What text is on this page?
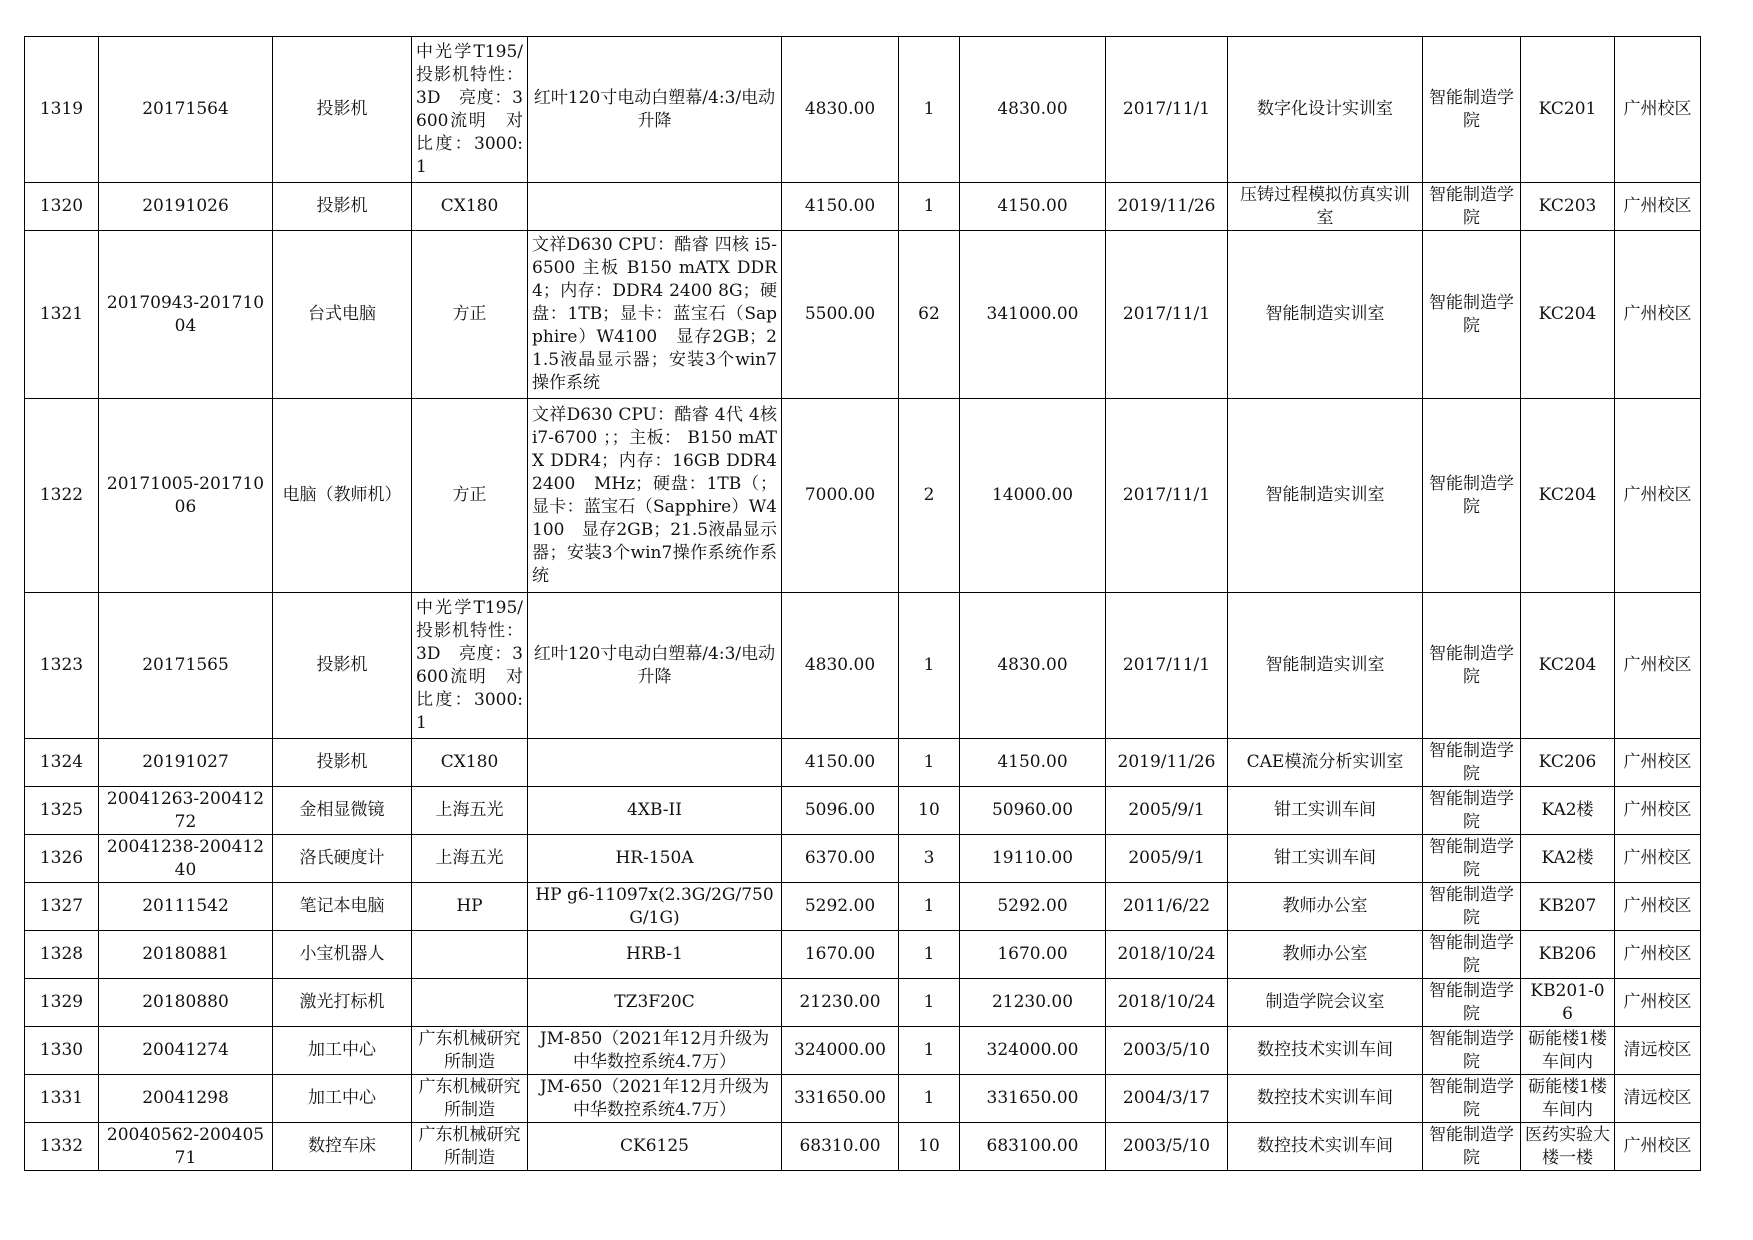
1319	20171564	投影机	中光学T195/投影机特性：3D　亮度：3600流明　对比度：3000:1	红叶120寸电动白塑幕/4:3/电动升降	4830.00	1	4830.00	2017/11/1	数字化设计实训室	智能制造学院	KC201	广州校区
1320	20191026	投影机	CX180		4150.00	1	4150.00	2019/11/26	压铸过程模拟仿真实训室	智能制造学院	KC203	广州校区
1321	20170943-20171004	台式电脑	方正	文祥D630 CPU：酷睿 四核 i5-6500 主板 B150 mATX DDR4；内存：DDR4 2400 8G；硬盘：1TB；显卡：蓝宝石（Sapphire）W4100　显存2GB；21.5液晶显示器；安装3个win7操作系统	5500.00	62	341000.00	2017/11/1	智能制造实训室	智能制造学院	KC204	广州校区
1322	20171005-20171006	电脑（教师机）	方正	文祥D630 CPU：酷睿 4代 4核 i7-6700 ；；主板： B150 mATX DDR4；内存：16GB DDR4 2400　MHz；硬盘：1TB（；显卡：蓝宝石（Sapphire）W4100　显存2GB；21.5液晶显示器；安装3个win7操作系统作系统	7000.00	2	14000.00	2017/11/1	智能制造实训室	智能制造学院	KC204	广州校区
1323	20171565	投影机	中光学T195/投影机特性：3D　亮度：3600流明　对比度：3000:1	红叶120寸电动白塑幕/4:3/电动升降	4830.00	1	4830.00	2017/11/1	智能制造实训室	智能制造学院	KC204	广州校区
1324	20191027	投影机	CX180		4150.00	1	4150.00	2019/11/26	CAE模流分析实训室	智能制造学院	KC206	广州校区
1325	20041263-20041272	金相显微镜	上海五光	4XB-II	5096.00	10	50960.00	2005/9/1	钳工实训车间	智能制造学院	KA2楼	广州校区
1326	20041238-20041240	洛氏硬度计	上海五光	HR-150A	6370.00	3	19110.00	2005/9/1	钳工实训车间	智能制造学院	KA2楼	广州校区
1327	20111542	笔记本电脑	HP	HP g6-11097x(2.3G/2G/750G/1G)	5292.00	1	5292.00	2011/6/22	教师办公室	智能制造学院	KB207	广州校区
1328	20180881	小宝机器人		HRB-1	1670.00	1	1670.00	2018/10/24	教师办公室	智能制造学院	KB206	广州校区
1329	20180880	激光打标机		TZ3F20C	21230.00	1	21230.00	2018/10/24	制造学院会议室	智能制造学院	KB201-06	广州校区
1330	20041274	加工中心	广东机械研究所制造	JM-850（2021年12月升级为中华数控系统4.7万）	324000.00	1	324000.00	2003/5/10	数控技术实训车间	智能制造学院	砺能楼1楼车间内	清远校区
1331	20041298	加工中心	广东机械研究所制造	JM-650（2021年12月升级为中华数控系统4.7万）	331650.00	1	331650.00	2004/3/17	数控技术实训车间	智能制造学院	砺能楼1楼车间内	清远校区
1332	20040562-20040571	数控车床	广东机械研究所制造	CK6125	68310.00	10	683100.00	2003/5/10	数控技术实训车间	智能制造学院	医药实验大楼一楼	广州校区
